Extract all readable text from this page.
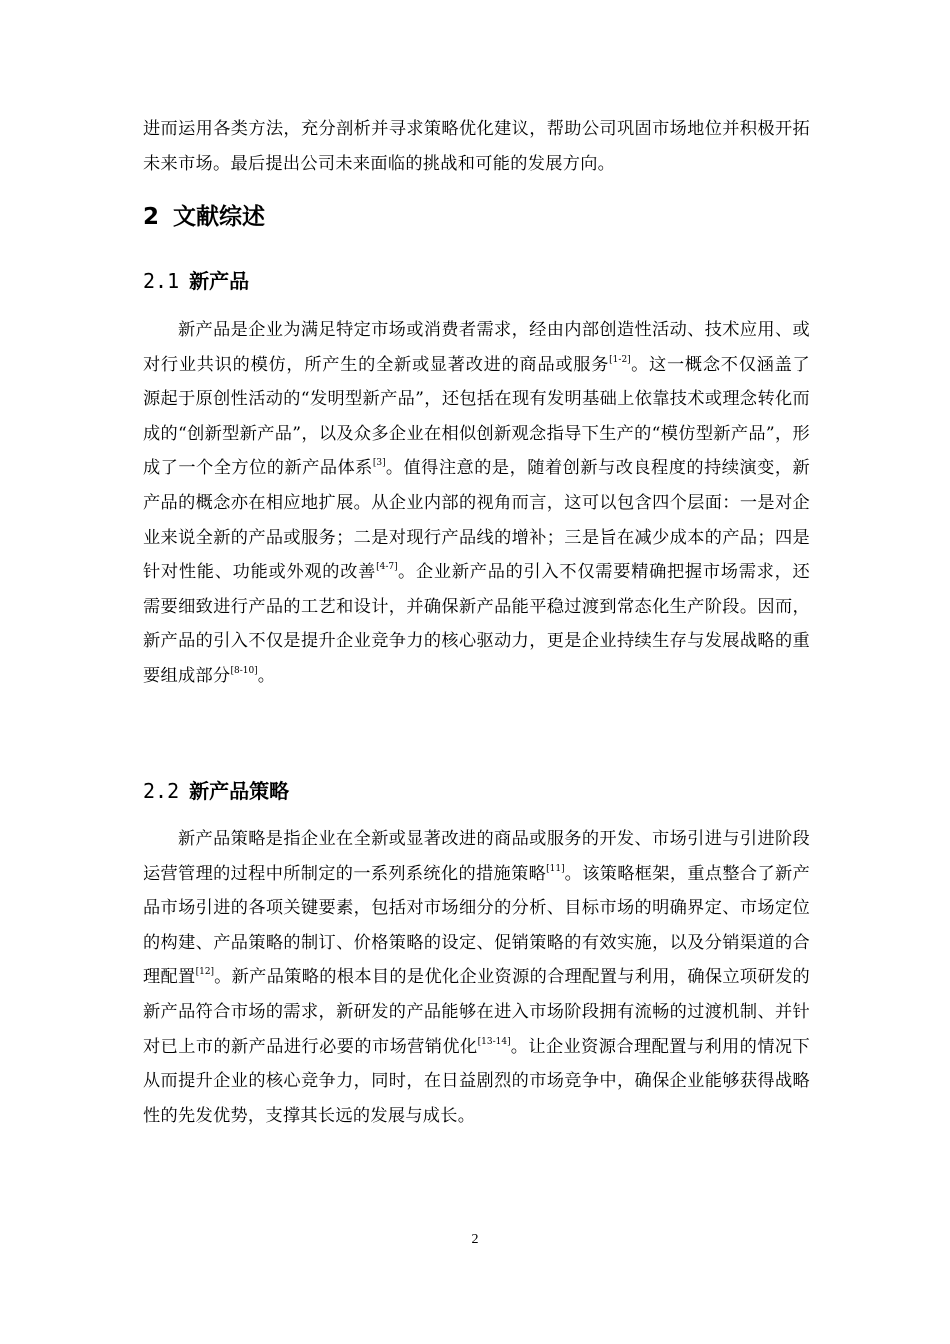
进而运用各类方法，充分剖析并寻求策略优化建议，帮助公司巩固市场地位并积极开拓未来市场。最后提出公司未来面临的挑战和可能的发展方向。

2 文献综述
2.1 新产品

新产品是企业为满足特定市场或消费者需求，经由内部创造性活动、技术应用、或对行业共识的模仿，所产生的全新或显著改进的商品或服务[1-2]。这一概念不仅涵盖了源起于原创性活动的“发明型新产品”，还包括在现有发明基础上依靠技术或理念转化而成的“创新型新产品”，以及众多企业在相似创新观念指导下生产的“模仿型新产品”，形成了一个全方位的新产品体系[3]。值得注意的是，随着创新与改良程度的持续演变，新产品的概念亦在相应地扩展。从企业内部的视角而言，这可以包含四个层面：一是对企业来说全新的产品或服务；二是对现行产品线的增补；三是旨在减少成本的产品；四是针对性能、功能或外观的改善[4-7]。企业新产品的引入不仅需要精确把握市场需求，还需要细致进行产品的工艺和设计，并确保新产品能平稳过渡到常态化生产阶段。因而，新产品的引入不仅是提升企业竞争力的核心驱动力，更是企业持续生存与发展战略的重要组成部分[8-10]。

2.2 新产品策略

新产品策略是指企业在全新或显著改进的商品或服务的开发、市场引进与引进阶段运营管理的过程中所制定的一系列系统化的措施策略[11]。该策略框架，重点整合了新产品市场引进的各项关键要素，包括对市场细分的分析、目标市场的明确界定、市场定位的构建、产品策略的制订、价格策略的设定、促销策略的有效实施，以及分销渠道的合理配置[12]。新产品策略的根本目的是优化企业资源的合理配置与利用，确保立项研发的新产品符合市场的需求，新研发的产品能够在进入市场阶段拥有流畅的过渡机制、并针对已上市的新产品进行必要的市场营销优化[13-14]。让企业资源合理配置与利用的情况下从而提升企业的核心竞争力，同时，在日益剧烈的市场竞争中，确保企业能够获得战略性的先发优势，支撑其长远的发展与成长。

2
